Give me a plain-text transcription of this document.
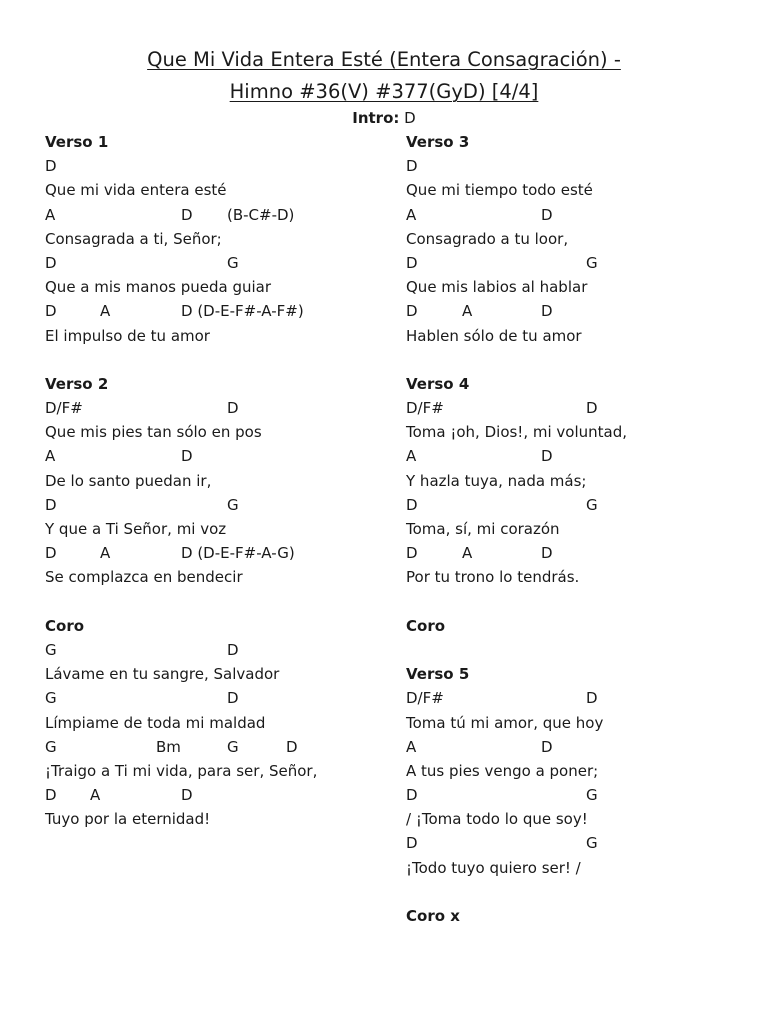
Que Mi Vida Entera Esté (Entera Consagración) -
Himno #36(V) #377(GyD) [4/4]
Intro: D
Verso 1
D
Que mi vida entera esté
A	D (B-C#-D)
Consagrada a ti, Señor;
D	G
Que a mis manos pueda guiar
D	A	D (D-E-F#-A-F#)
El impulso de tu amor
Verso 2
D/F#	D
Que mis pies tan sólo en pos
A	D
De lo santo puedan ir,
D	G
Y que a Ti Señor, mi voz
D	A	D (D-E-F#-A-G)
Se complazca en bendecir
Coro
G	D
Lávame en tu sangre, Salvador
G	D
Límpiame de toda mi maldad
G	Bm	G	D
¡Traigo a Ti mi vida, para ser, Señor,
D A	D
Tuyo por la eternidad!
Verso 3
D
Que mi tiempo todo esté
A	D
Consagrado a tu loor,
D	G
Que mis labios al hablar
D	A	D
Hablen sólo de tu amor
Verso 4
D/F#	D
Toma ¡oh, Dios!, mi voluntad,
A	D
Y hazla tuya, nada más;
D	G
Toma, sí, mi corazón
D	A	D
Por tu trono lo tendrás.
Coro
Verso 5
D/F#	D
Toma tú mi amor, que hoy
A	D
A tus pies vengo a poner;
D	G
/ ¡Toma todo lo que soy!
D	G
¡Todo tuyo quiero ser! /
Coro x
